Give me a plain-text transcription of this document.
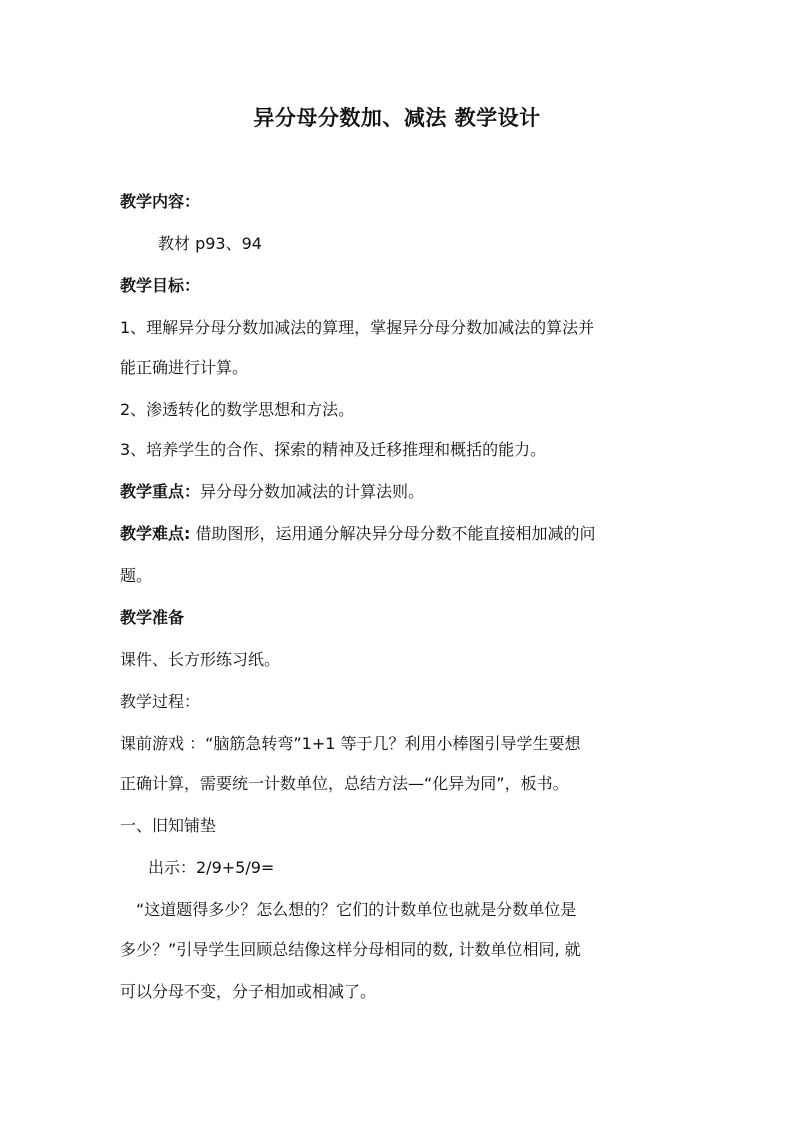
异分母分数加、减法 教学设计
教学内容：
教材 p93、94
教学目标：
1、理解异分母分数加减法的算理，掌握异分母分数加减法的算法并
能正确进行计算。
2、渗透转化的数学思想和方法。
3、培养学生的合作、探索的精神及迁移推理和概括的能力。
教学重点：异分母分数加减法的计算法则。
教学难点: 借助图形，运用通分解决异分母分数不能直接相加减的问
题。
教学准备
课件、长方形练习纸。
教学过程：
课前游戏 ：“脑筋急转弯”1+1 等于几？利用小棒图引导学生要想
正确计算，需要统一计数单位，总结方法—“化异为同”，板书。
一、旧知铺垫
出示：2/9+5/9=
“这道题得多少？怎么想的？它们的计数单位也就是分数单位是
多少？”引导学生回顾总结像这样分母相同的数, 计数单位相同, 就
可以分母不变，分子相加或相减了。
